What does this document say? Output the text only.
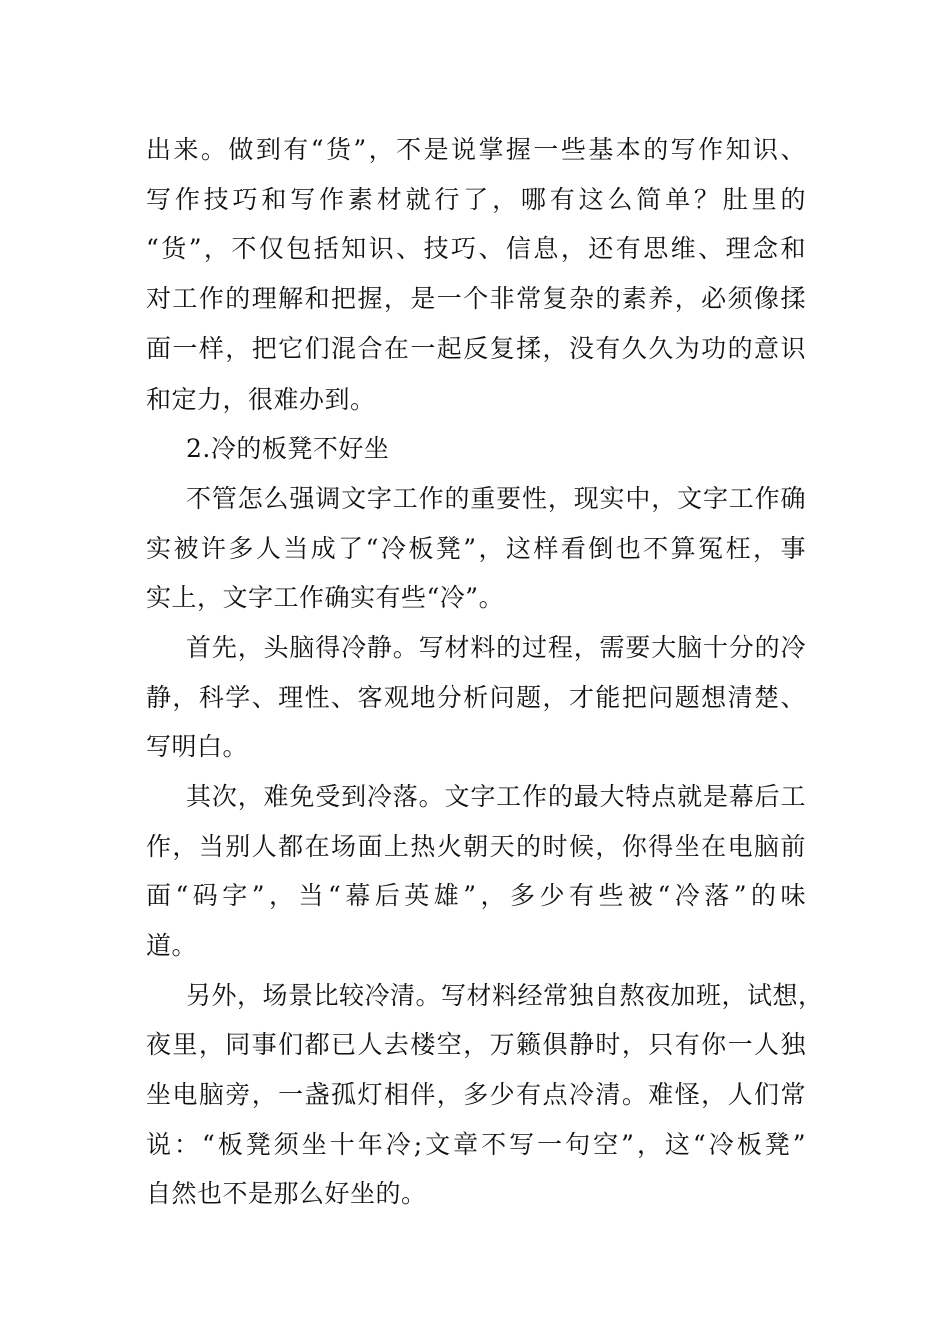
出来。做到有“货”，不是说掌握一些基本的写作知识、
写作技巧和写作素材就行了，哪有这么简单？肚里的
“货”，不仅包括知识、技巧、信息，还有思维、理念和
对工作的理解和把握，是一个非常复杂的素养，必须像揉
面一样，把它们混合在一起反复揉，没有久久为功的意识
和定力，很难办到。
2.冷的板凳不好坐
不管怎么强调文字工作的重要性，现实中，文字工作确
实被许多人当成了“冷板凳”，这样看倒也不算冤枉，事
实上，文字工作确实有些“冷”。
首先，头脑得冷静。写材料的过程，需要大脑十分的冷
静，科学、理性、客观地分析问题，才能把问题想清楚、
写明白。
其次，难免受到冷落。文字工作的最大特点就是幕后工
作，当别人都在场面上热火朝天的时候，你得坐在电脑前
面“码字”，当“幕后英雄”，多少有些被“冷落”的味
道。
另外，场景比较冷清。写材料经常独自熬夜加班，试想，
夜里，同事们都已人去楼空，万籁俱静时，只有你一人独
坐电脑旁，一盏孤灯相伴，多少有点冷清。难怪，人们常
说：“板凳须坐十年冷;文章不写一句空”，这“冷板凳”
自然也不是那么好坐的。
